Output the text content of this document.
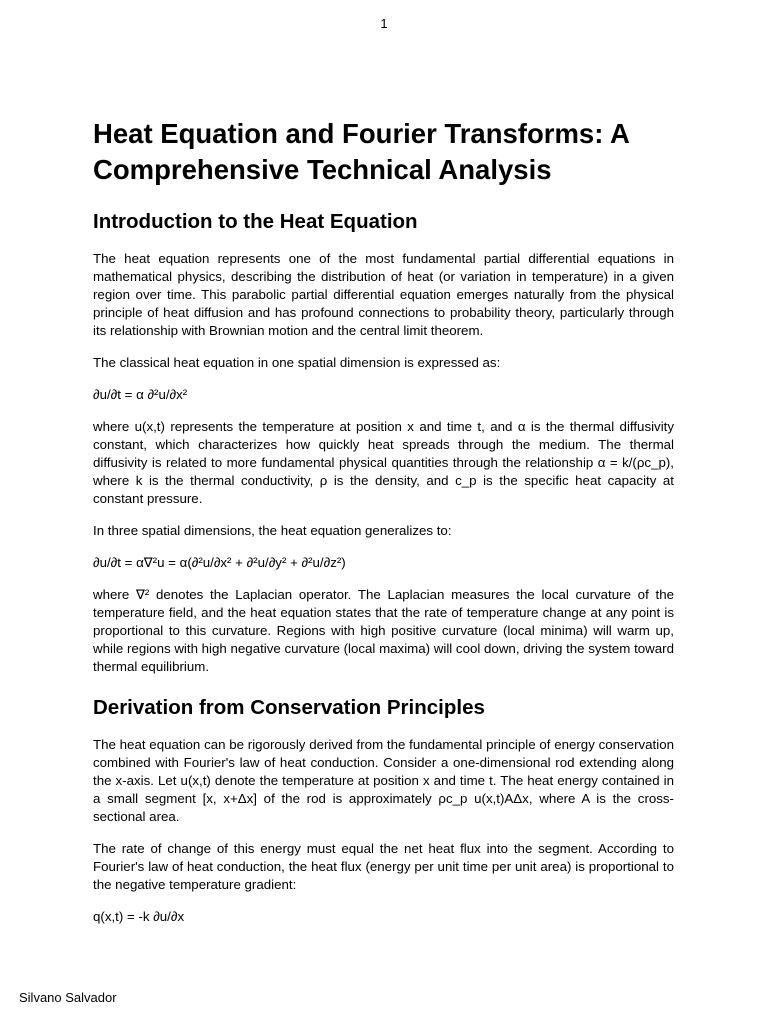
1
Heat Equation and Fourier Transforms: A Comprehensive Technical Analysis
Introduction to the Heat Equation

The heat equation represents one of the most fundamental partial differential equations in mathematical physics, describing the distribution of heat (or variation in temperature) in a given region over time. This parabolic partial differential equation emerges naturally from the physical principle of heat diffusion and has profound connections to probability theory, particularly through its relationship with Brownian motion and the central limit theorem.

The classical heat equation in one spatial dimension is expressed as:

∂u/∂t = α ∂²u/∂x²

where u(x,t) represents the temperature at position x and time t, and α is the thermal diffusivity constant, which characterizes how quickly heat spreads through the medium. The thermal diffusivity is related to more fundamental physical quantities through the relationship α = k/(ρc_p), where k is the thermal conductivity, ρ is the density, and c_p is the specific heat capacity at constant pressure.

In three spatial dimensions, the heat equation generalizes to:

∂u/∂t = α∇²u = α(∂²u/∂x² + ∂²u/∂y² + ∂²u/∂z²)

where ∇² denotes the Laplacian operator. The Laplacian measures the local curvature of the temperature field, and the heat equation states that the rate of temperature change at any point is proportional to this curvature. Regions with high positive curvature (local minima) will warm up, while regions with high negative curvature (local maxima) will cool down, driving the system toward thermal equilibrium.

Derivation from Conservation Principles

The heat equation can be rigorously derived from the fundamental principle of energy conservation combined with Fourier's law of heat conduction. Consider a one-dimensional rod extending along the x-axis. Let u(x,t) denote the temperature at position x and time t. The heat energy contained in a small segment [x, x+Δx] of the rod is approximately ρc_p u(x,t)AΔx, where A is the cross-sectional area.

The rate of change of this energy must equal the net heat flux into the segment. According to Fourier's law of heat conduction, the heat flux (energy per unit time per unit area) is proportional to the negative temperature gradient:

q(x,t) = -k ∂u/∂x

Silvano Salvador
